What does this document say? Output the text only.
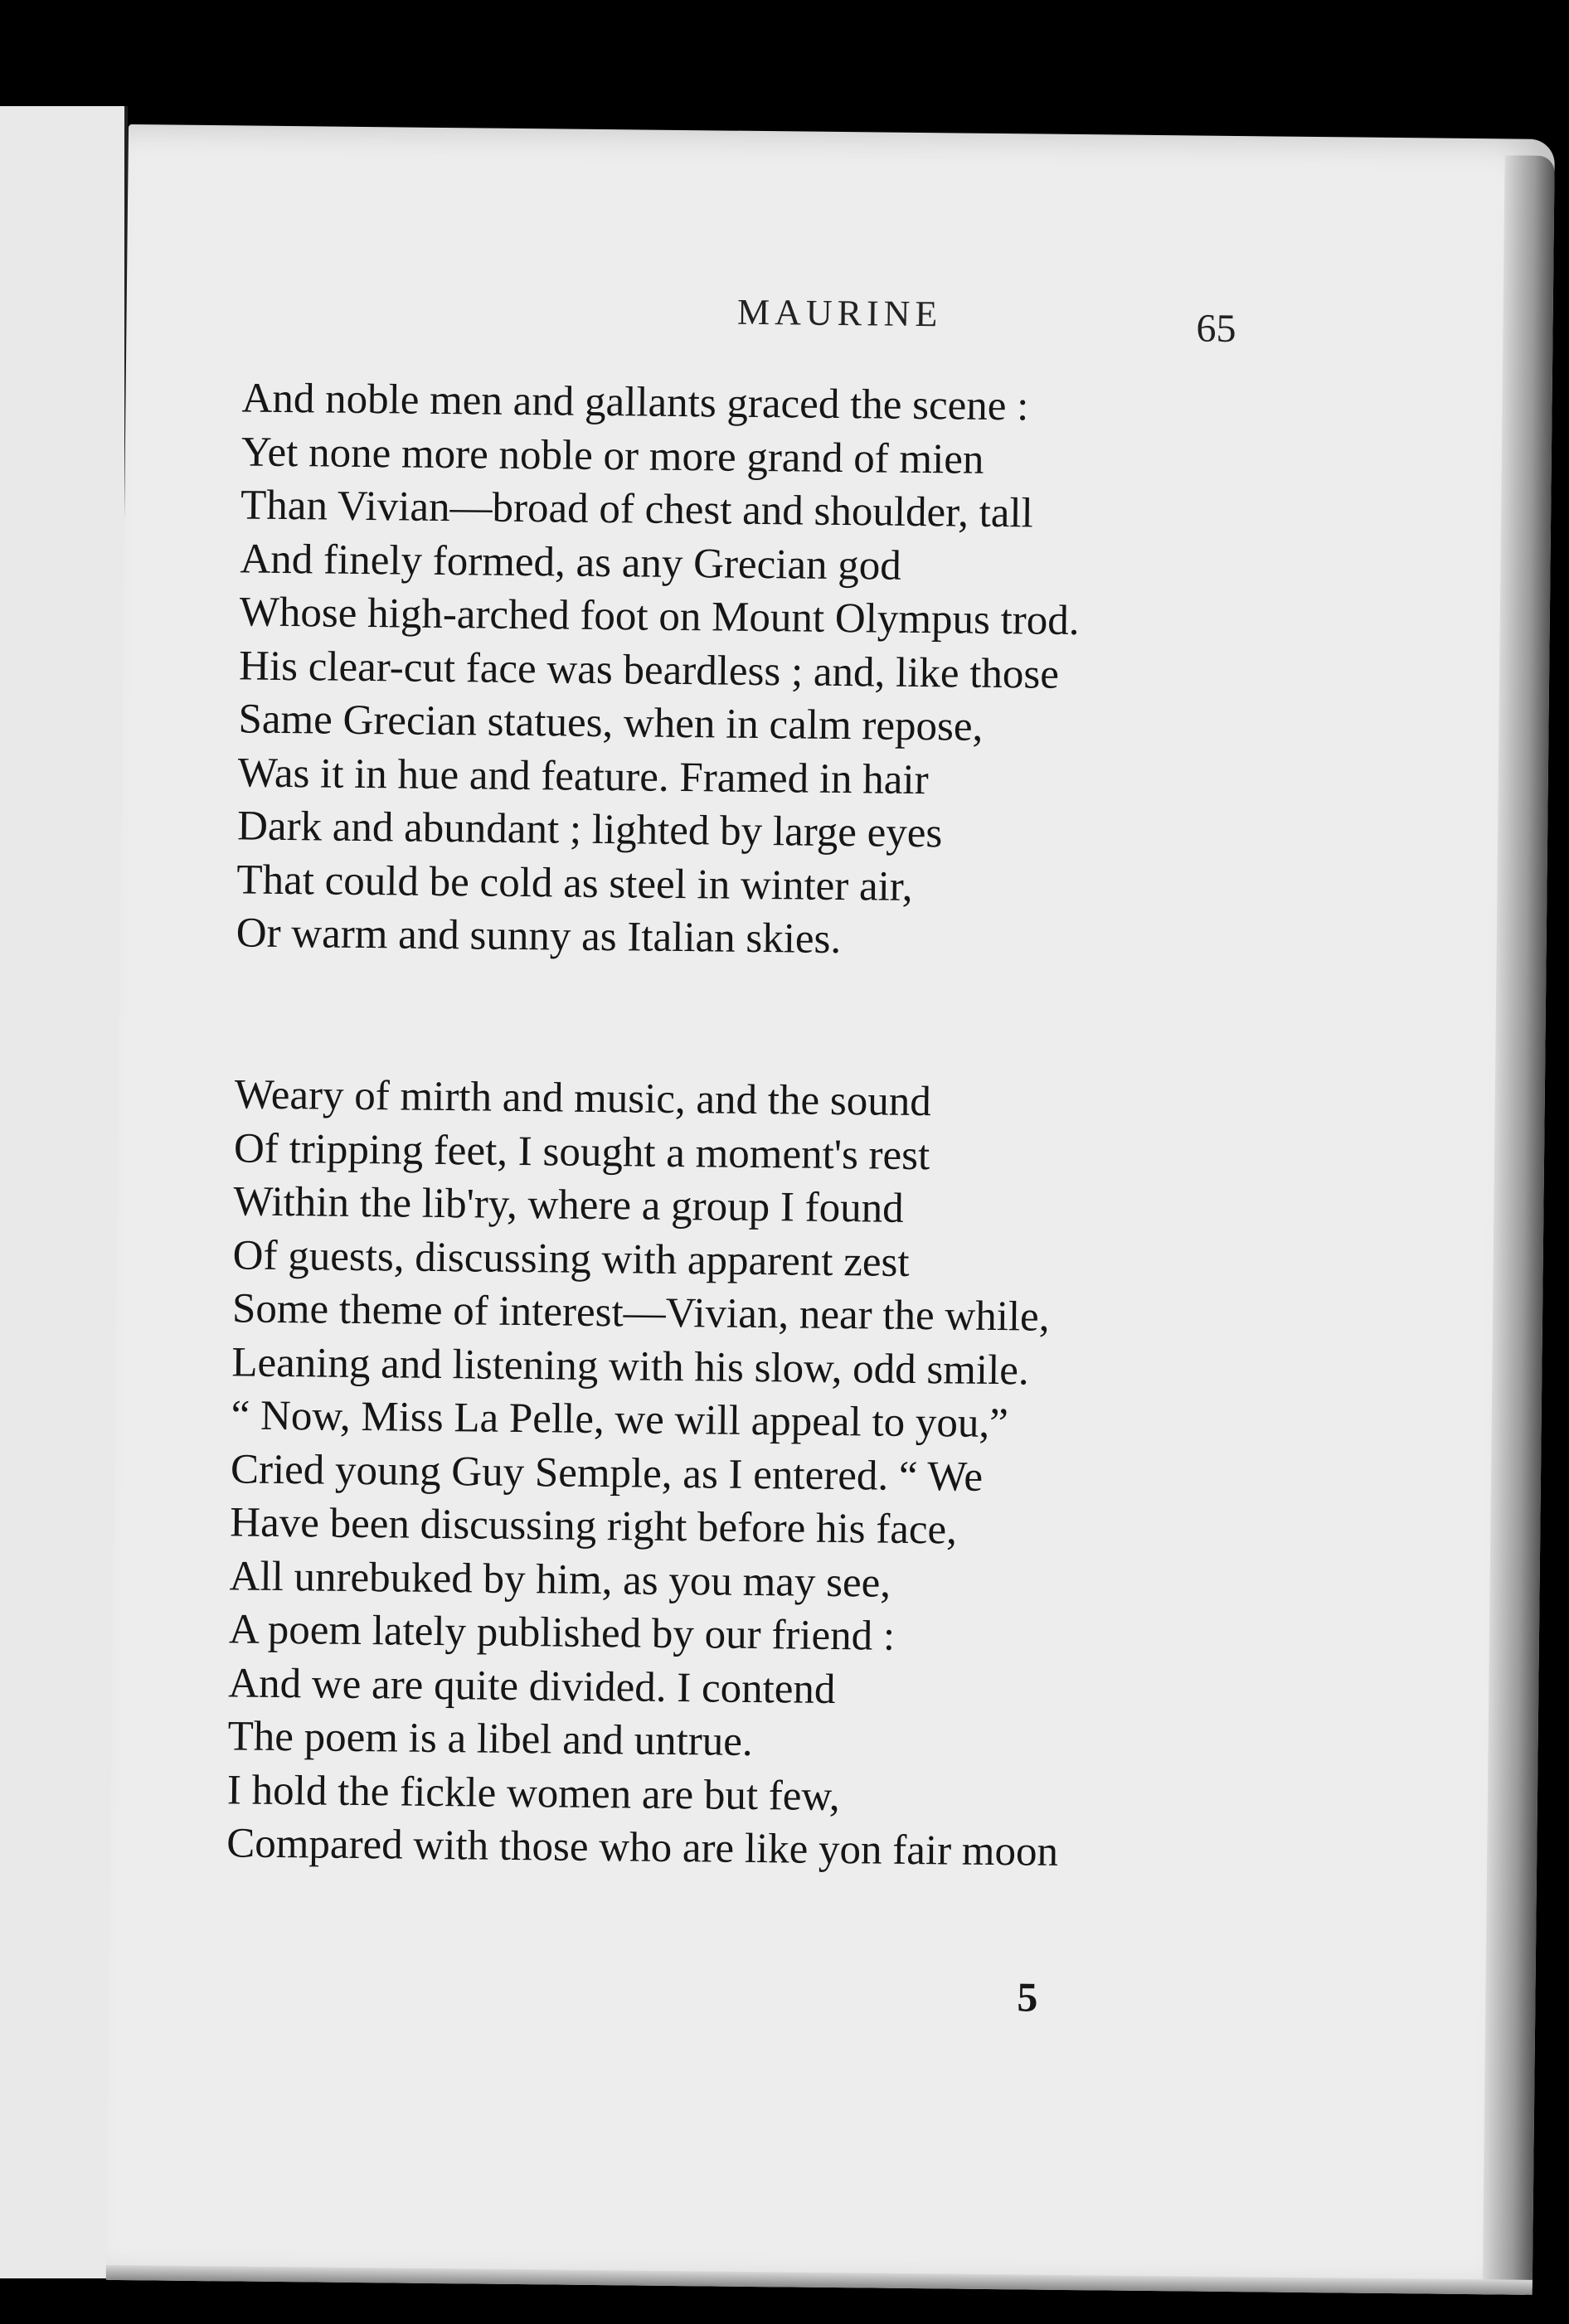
MAURINE	65
And noble men and gallants graced the scene :
Yet none more noble or more grand of mien
Than Vivian—broad of chest and shoulder, tall
And finely formed, as any Grecian god
Whose high-arched foot on Mount Olympus trod.
His clear-cut face was beardless ; and, like those
Same Grecian statues, when in calm repose,
Was it in hue and feature. Framed in hair
Dark and abundant ; lighted by large eyes
That could be cold as steel in winter air,
Or warm and sunny as Italian skies.
Weary of mirth and music, and the sound
Of tripping feet, I sought a moment's rest
Within the lib'ry, where a group I found
Of guests, discussing with apparent zest
Some theme of interest—Vivian, near the while,
Leaning and listening with his slow, odd smile.
“ Now, Miss La Pelle, we will appeal to you,”
Cried young Guy Semple, as I entered. “ We
Have been discussing right before his face,
All unrebuked by him, as you may see,
A poem lately published by our friend :
And we are quite divided. I contend
The poem is a libel and untrue.
I hold the fickle women are but few,
Compared with those who are like yon fair moon
5
